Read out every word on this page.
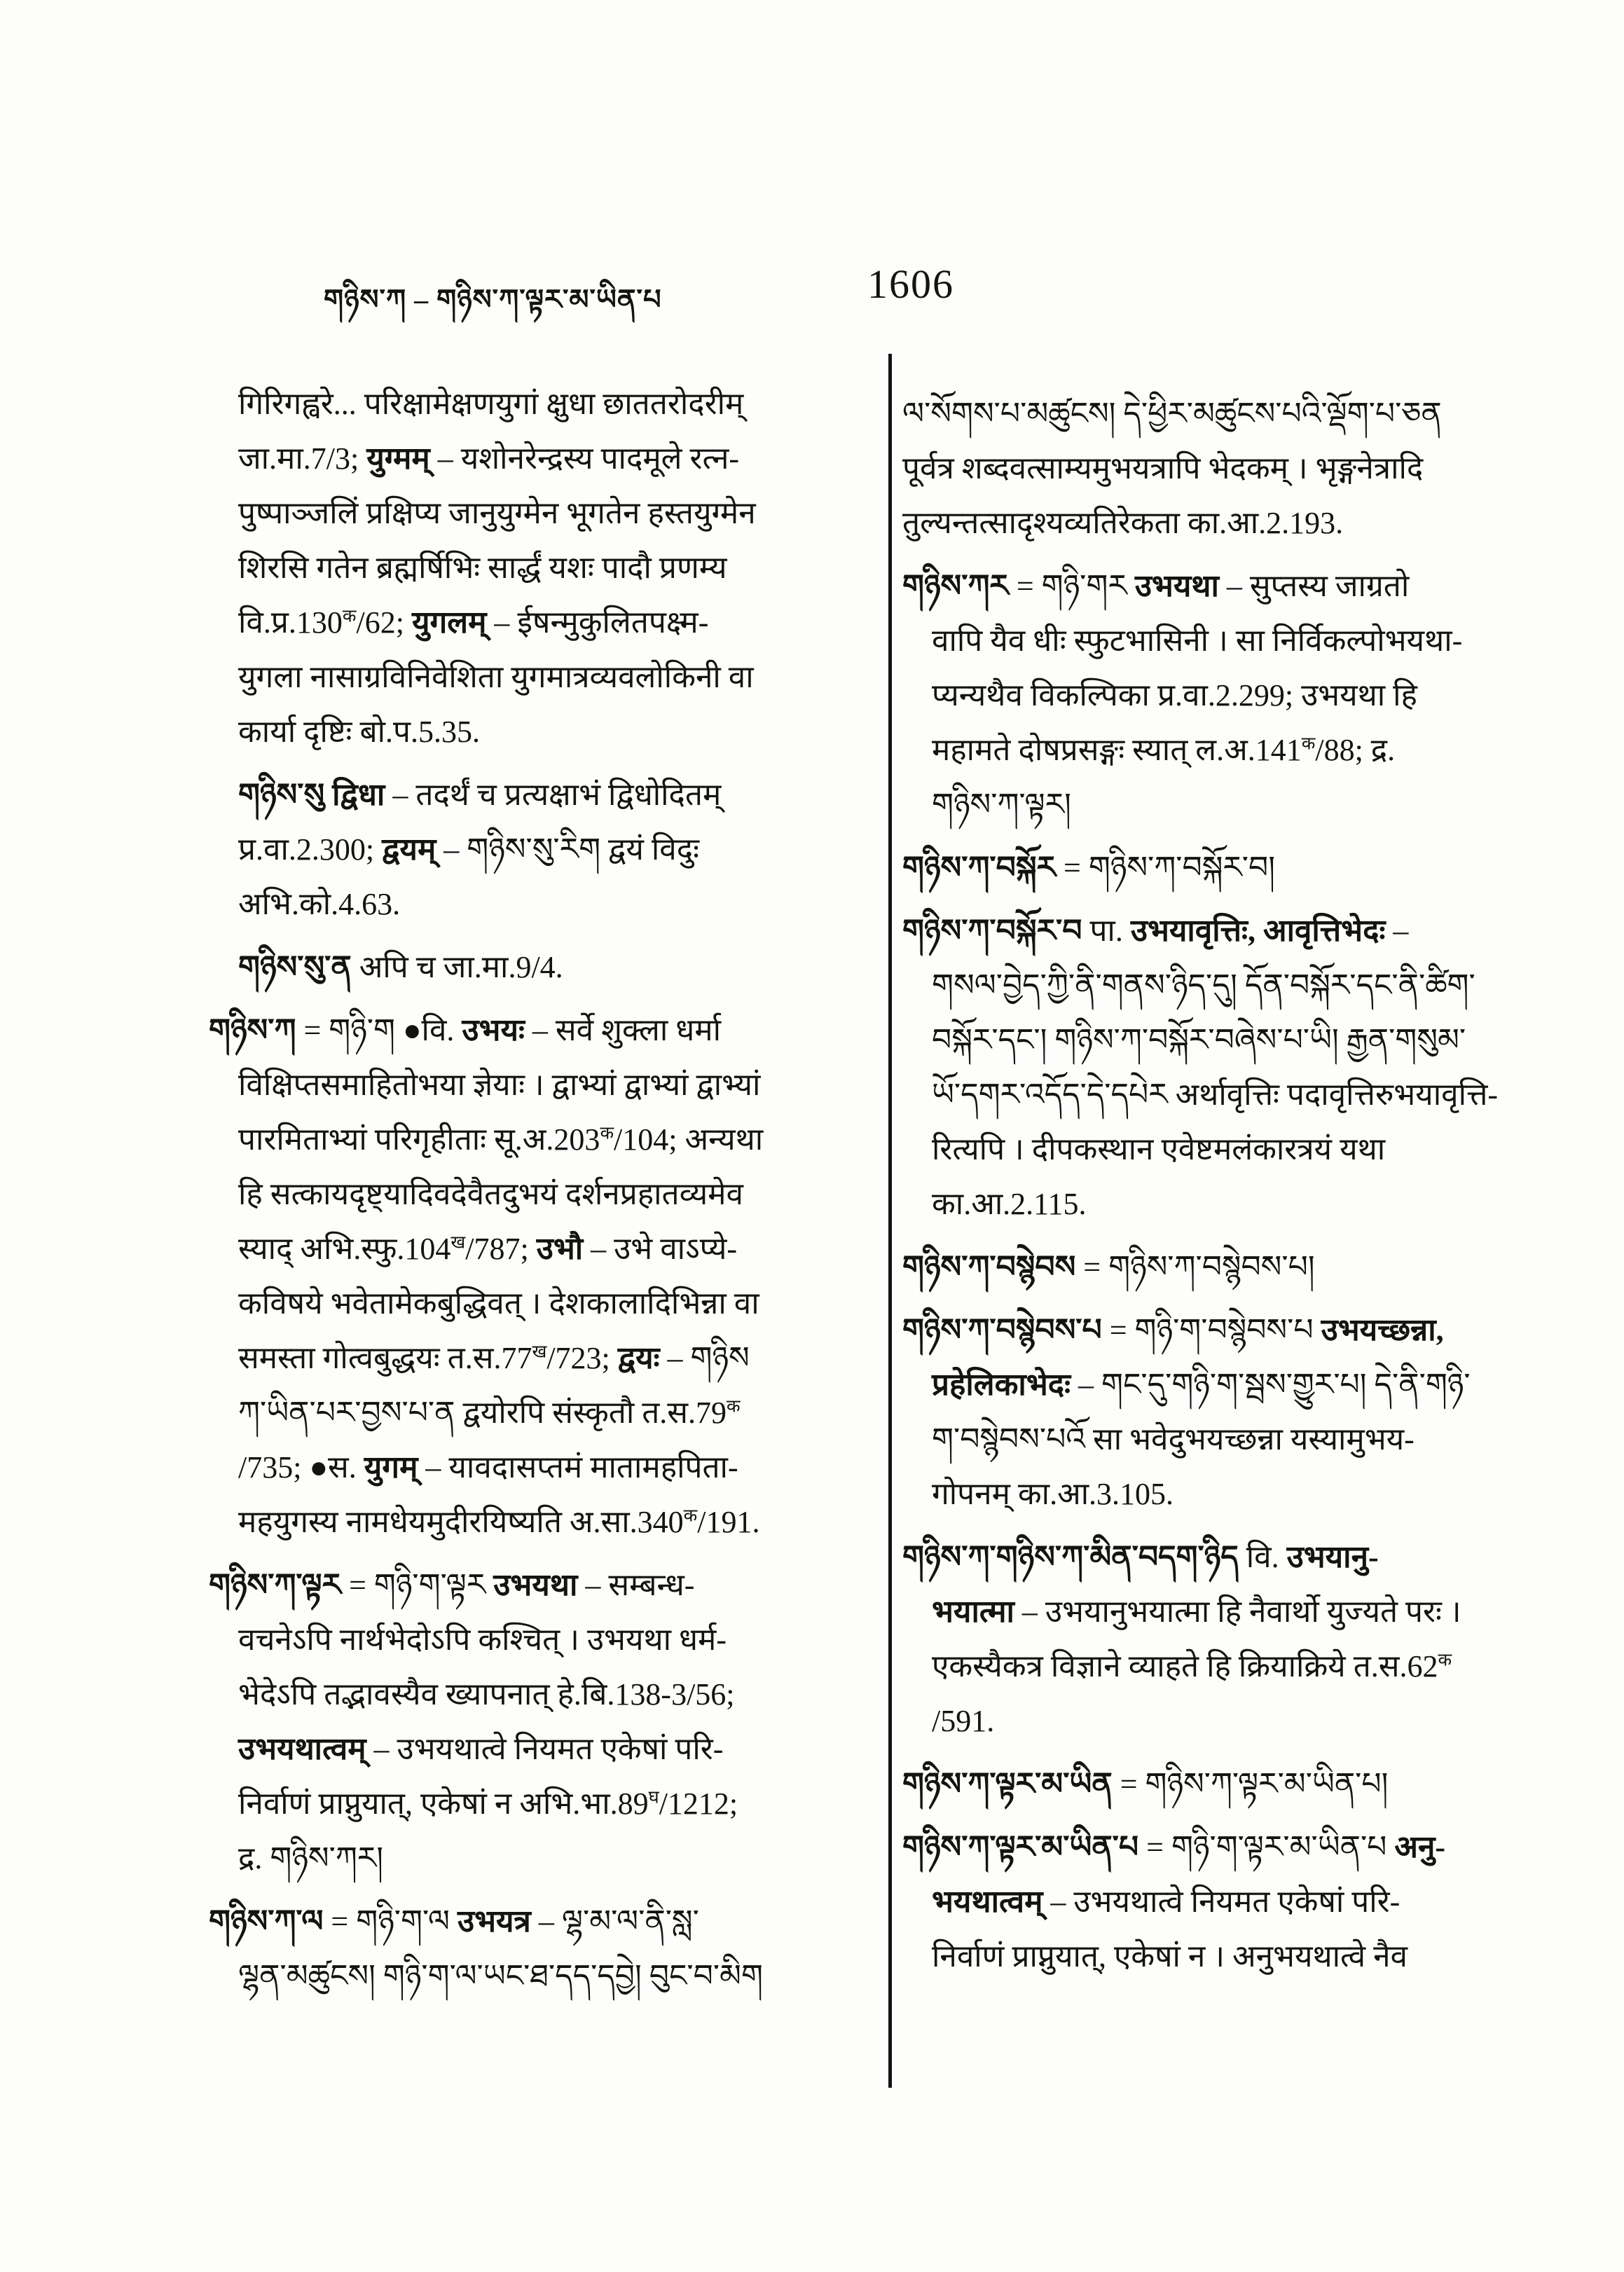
གཉིས་ཀ – གཉིས་ཀ་ལྟར་མ་ཡིན་པ	1606

गिरिगह्वरे... परिक्षामेक्षणयुगां क्षुधा छाततरोदरीम्

जा.मा.7/3; युग्मम् – यशोनरेन्द्रस्य पादमूले रत्न-

पुष्पाञ्जलिं प्रक्षिप्य जानुयुग्मेन भूगतेन हस्तयुग्मेन

शिरसि गतेन ब्रह्मर्षिभिः सार्द्धं यशः पादौ प्रणम्य

$वि.प्र.130^क/62$; युगलम् – ईषन्मुकुलितपक्ष्म-

युगला नासाग्रविनिवेशिता युगमात्रव्यवलोकिनी वा

कार्या दृष्टिः बो.प.5.35.

གཉིས་སུ द्विधा – तदर्थं च प्रत्यक्षाभं द्विधोदितम्

प्र.वा.2.300; द्वयम् – གཉིས་སུ་རིག द्वयं विदुः

अभि.को.4.63.

གཉིས་སུ་ན अपि च जा.मा.9/4.

གཉིས་ཀ = གཉི་ག ●वि. उभयः – सर्वे शुक्ला धर्मा

विक्षिप्तसमाहितोभया ज्ञेयाः । द्वाभ्यां द्वाभ्यां द्वाभ्यां

पारमिताभ्यां परिगृहीताः $सू.अ.203^क/104$; अन्यथा

हि सत्कायदृष्ट्यादिवदेवैतदुभयं दर्शनप्रहातव्यमेव

स्याद् $अभि.स्फु.104^ख/787$; उभौ – उभे वाऽप्ये-

कविषये भवेतामेकबुद्धिवत् । देशकालादिभिन्ना वा

समस्ता गोत्वबुद्धयः $त.स.77^ख/723$; द्वयः – གཉིས

ཀ་ཡིན་པར་བྱས་པ་ན द्वयोरपि संस्कृतौ $त.स.79^क$

/735; ●स. युगम् – यावदासप्तमं मातामहपिता-

महयुगस्य नामधेयमुदीरयिष्यति $अ.सा.340^क/191$.

གཉིས་ཀ་ལྟར = གཉི་ག་ལྟར उभयथा – सम्बन्ध-

वचनेऽपि नार्थभेदोऽपि कश्चित् । उभयथा धर्म-

भेदेऽपि तद्भावस्यैव ख्यापनात् हे.बि.138-3/56;

उभयथात्वम् – उभयथात्वे नियमत एकेषां परि-

निर्वाणं प्राप्नुयात्, एकेषां न $अभि.भा.89^घ/1212$;

द्र. གཉིས་ཀར།

གཉིས་ཀ་ལ = གཉི་ག་ལ उभयत्र – ལྷ་མ་ལ་ནི་སླ་

ལྷན་མཚུངས། གཉི་ག་ལ་ཡང་ཐ་དད་དབྱེ། བུང་བ་མིག

ལ་སོགས་པ་མཚུངས། དེ་ཕྱིར་མཚུངས་པའི་ལྡོག་པ་ཅན

पूर्वत्र शब्दवत्साम्यमुभयत्रापि भेदकम् । भृङ्गनेत्रादि

तुल्यन्तत्सादृश्यव्यतिरेकता का.आ.2.193.

གཉིས་ཀར = གཉི་གར उभयथा – सुप्तस्य जाग्रतो

वापि यैव धीः स्फुटभासिनी । सा निर्विकल्पोभयथा-

प्यन्यथैव विकल्पिका प्र.वा.2.299; उभयथा हि

महामते दोषप्रसङ्गः स्यात् $ल.अ.141^क/88$; द्र.

གཉིས་ཀ་ལྟར།

གཉིས་ཀ་བསྐོར = གཉིས་ཀ་བསྐོར་བ།

གཉིས་ཀ་བསྐོར་བ पा. उभयावृत्तिः, आवृत्तिभेदः –

གསལ་བྱེད་ཀྱི་ནི་གནས་ཉིད་དུ། དོན་བསྐོར་དང་ནི་ཚིག་

བསྐོར་དང་། གཉིས་ཀ་བསྐོར་བཞེས་པ་ཡི། རྒྱན་གསུམ་

ཡོ་དགར་འདོད་དེ་དཔེར अर्थावृत्तिः पदावृत्तिरुभयावृत्ति-

रित्यपि । दीपकस्थान एवेष्टमलंकारत्रयं यथा

का.आ.2.115.

གཉིས་ཀ་བསྙེབས = གཉིས་ཀ་བསྙེབས་པ།

གཉིས་ཀ་བསྙེབས་པ = གཉི་ག་བསྙེབས་པ उभयच्छन्ना,

प्रहेलिकाभेदः – གང་དུ་གཉི་ག་སྦས་གྱུར་པ། དེ་ནི་གཉི་

ག་བསྙེབས་པའོ सा भवेदुभयच्छन्ना यस्यामुभय-

गोपनम् का.आ.3.105.

གཉིས་ཀ་གཉིས་ཀ་མིན་བདག་ཉིད वि. उभयानु-

भयात्मा – उभयानुभयात्मा हि नैवार्थो युज्यते परः ।

एकस्यैकत्र विज्ञाने व्याहते हि क्रियाक्रिये $त.स.62^क$

/591.

གཉིས་ཀ་ལྟར་མ་ཡིན = གཉིས་ཀ་ལྟར་མ་ཡིན་པ།

གཉིས་ཀ་ལྟར་མ་ཡིན་པ = གཉི་ག་ལྟར་མ་ཡིན་པ अनु-

भयथात्वम् – उभयथात्वे नियमत एकेषां परि-

निर्वाणं प्राप्नुयात्, एकेषां न । अनुभयथात्वे नैव
